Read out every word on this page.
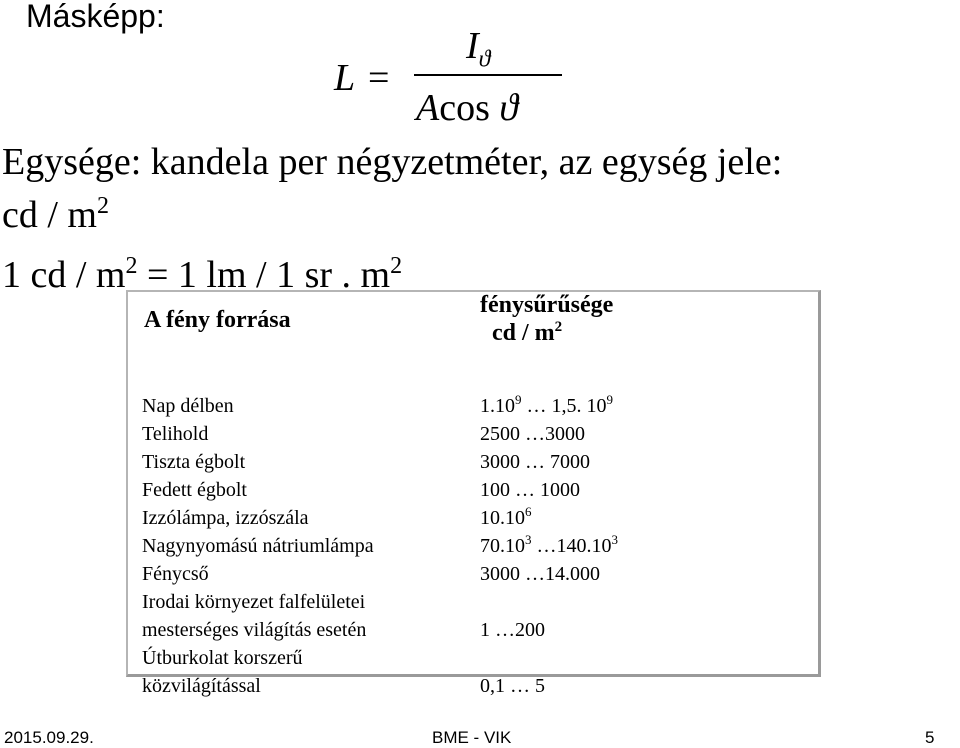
Másképp:
L =
$I_ϑ$
Acos ϑ
Egysége: kandela per négyzetméter, az egység jele:
cd / $m^2$
1 cd / $m^2 = 1$ lm / 1 sr . $m^2$
A fény forrása
fénysűrűsége
cd / $m^2$
Nap délben	1.10$^9$ … 1,5. $10^9$
Telihold	2500 …3000
Tiszta égbolt	3000 … 7000
Fedett égbolt	100 … 1000
Izzólámpa, izzószála	10.10$^6$
Nagynyomású nátriumlámpa	70.10$^3$ …140.10$^3$
Fénycső	3000 …14.000
Irodai környezet falfelületei
mesterséges világítás esetén	1 …200
Útburkolat korszerű
közvilágítással	0,1 … 5
2015.09.29.	BME - VIK	5
